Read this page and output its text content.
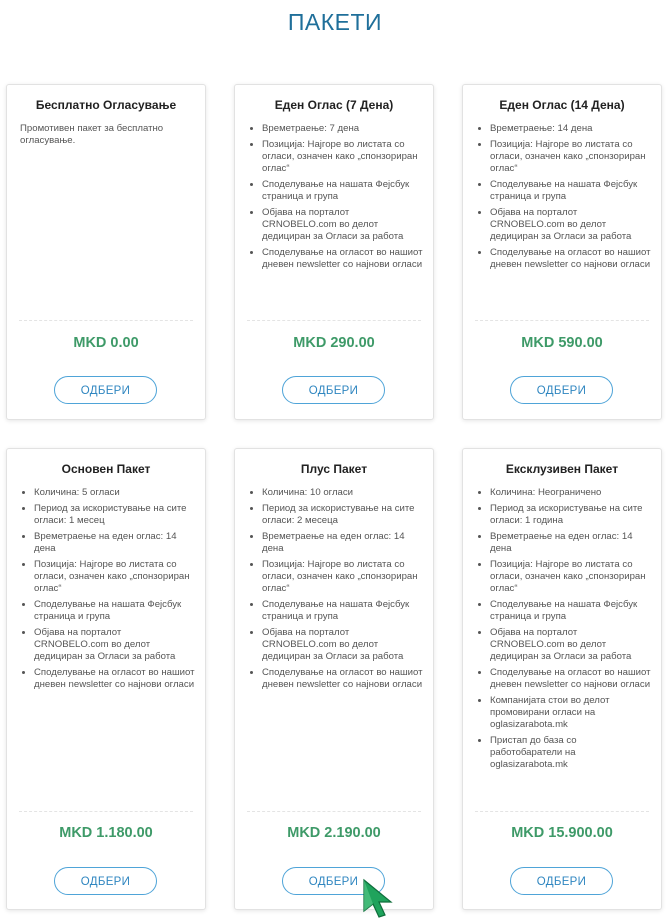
ПАКЕТИ
Бесплатно Огласување

Промотивен пакет за бесплатно огласување.

MKD 0.00
ОДБЕРИ
Еден Оглас (7 Дена)
• Времетраење: 7 дена
• Позиција: Најгоре во листата со огласи, означен како „спонзориран оглас“
• Споделување на нашата Фејсбук страница и група
• Објава на порталот CRNOBELO.com во делот дедициран за Огласи за работа
• Споделување на огласот во нашиот дневен newsletter со најнови огласи
MKD 290.00
ОДБЕРИ
Еден Оглас (14 Дена)
• Времетраење: 14 дена
• Позиција: Најгоре во листата со огласи, означен како „спонзориран оглас“
• Споделување на нашата Фејсбук страница и група
• Објава на порталот CRNOBELO.com во делот дедициран за Огласи за работа
• Споделување на огласот во нашиот дневен newsletter со најнови огласи
MKD 590.00
ОДБЕРИ
Основен Пакет
• Количина: 5 огласи
• Период за искористување на сите огласи: 1 месец
• Времетраење на еден оглас: 14 дена
• Позиција: Најгоре во листата со огласи, означен како „спонзориран оглас“
• Споделување на нашата Фејсбук страница и група
• Објава на порталот CRNOBELO.com во делот дедициран за Огласи за работа
• Споделување на огласот во нашиот дневен newsletter со најнови огласи
MKD 1.180.00
ОДБЕРИ
Плус Пакет
• Количина: 10 огласи
• Период за искористување на сите огласи: 2 месеца
• Времетраење на еден оглас: 14 дена
• Позиција: Најгоре во листата со огласи, означен како „спонзориран оглас“
• Споделување на нашата Фејсбук страница и група
• Објава на порталот CRNOBELO.com во делот дедициран за Огласи за работа
• Споделување на огласот во нашиот дневен newsletter со најнови огласи
MKD 2.190.00
ОДБЕРИ
Ексклузивен Пакет
• Количина: Неограничено
• Период за искористување на сите огласи: 1 година
• Времетраење на еден оглас: 14 дена
• Позиција: Најгоре во листата со огласи, означен како „спонзориран оглас“
• Споделување на нашата Фејсбук страница и група
• Објава на порталот CRNOBELO.com во делот дедициран за Огласи за работа
• Споделување на огласот во нашиот дневен newsletter со најнови огласи
• Компанијата стои во делот промовирани огласи на oglasizarabota.mk
• Пристап до база со работобаратели на oglasizarabota.mk
MKD 15.900.00
ОДБЕРИ
